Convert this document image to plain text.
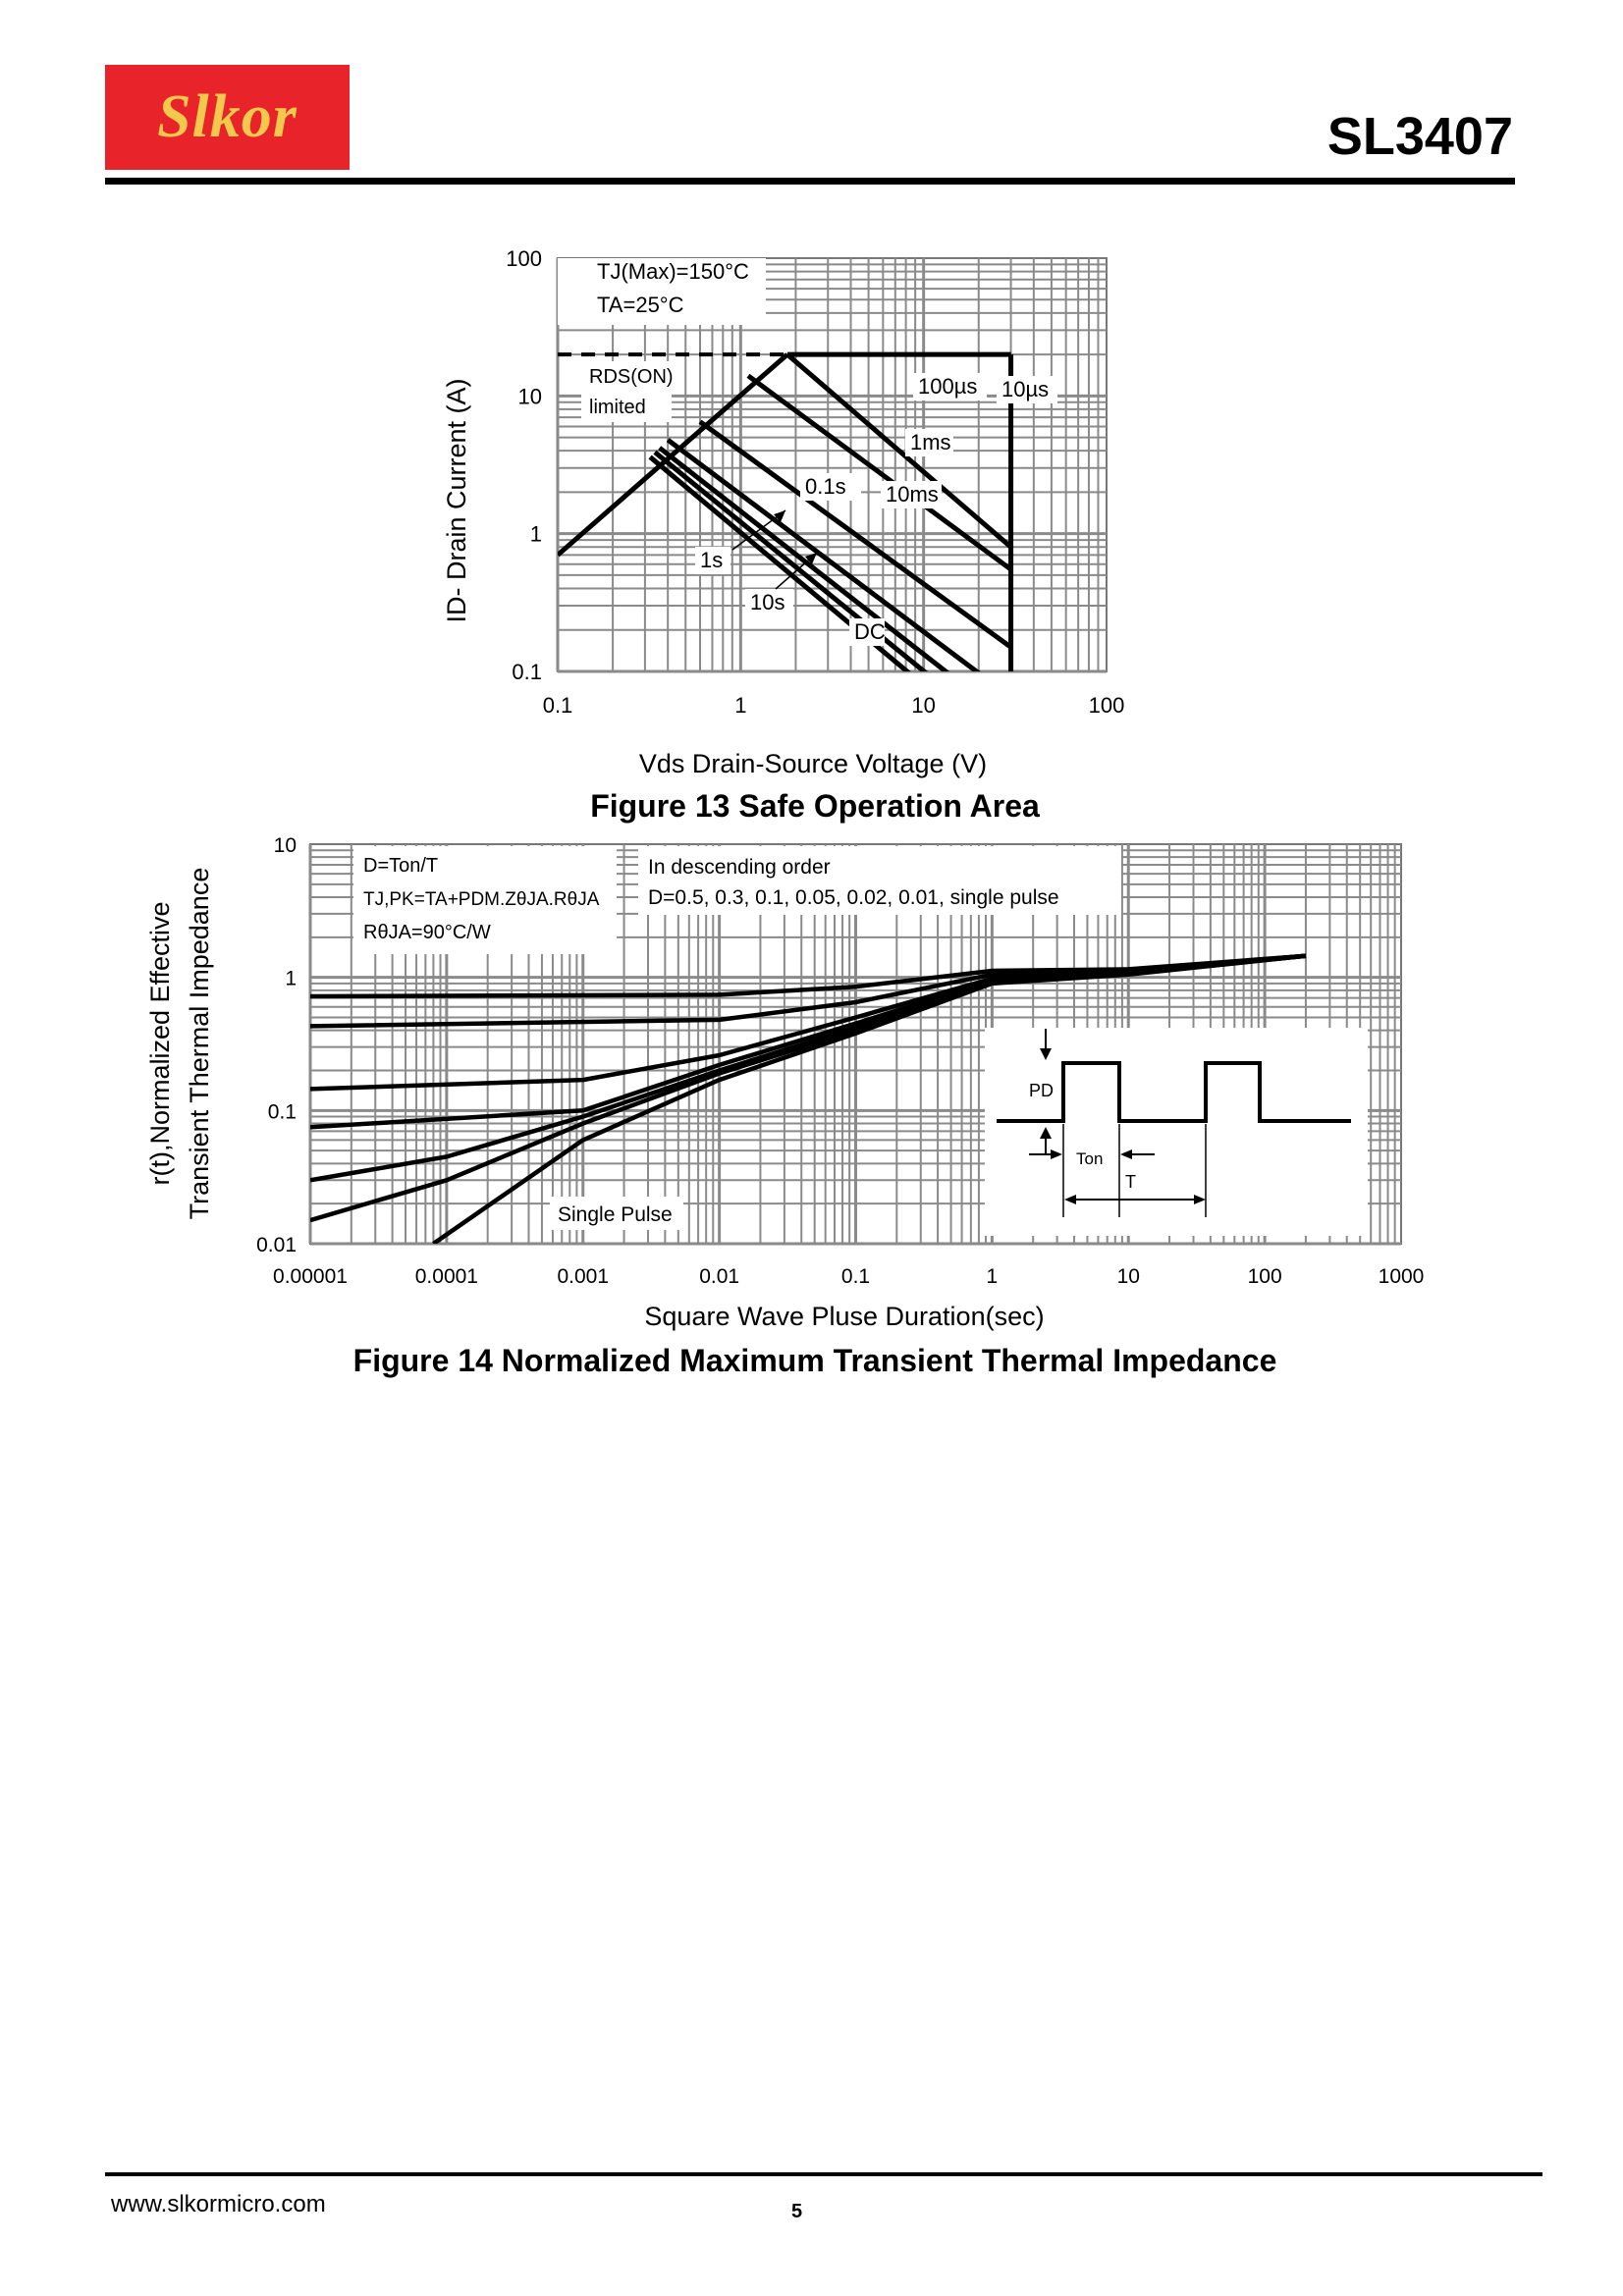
Slkor	SL3407
TJ(Max)=150°C
TA=25°C
RDS(ON)
limited
100µs 10µs
1ms
0.1s 10ms
1s
10s
DC
0.1	1	10	100
100
10
1
0.1
Vds Drain-Source Voltage (V)
ID- Drain Current (A)
Figure 13 Safe Operation Area
D=Ton/T
TJ,PK=TA+PDM.ZθJA.RθJA
RθJA=90°C/W
In descending order
D=0.5, 0.3, 0.1, 0.05, 0.02, 0.01, single pulse
Single Pulse
PD
Ton
T
0.00001	0.0001	0.001	0.01	0.1	1	10	100	1000
10
1
0.1
0.01
Square Wave Pluse Duration(sec)
r(t),Normalized Effective Transient Thermal Impedance
Figure 14 Normalized Maximum Transient Thermal Impedance
www.slkormicro.com	5
